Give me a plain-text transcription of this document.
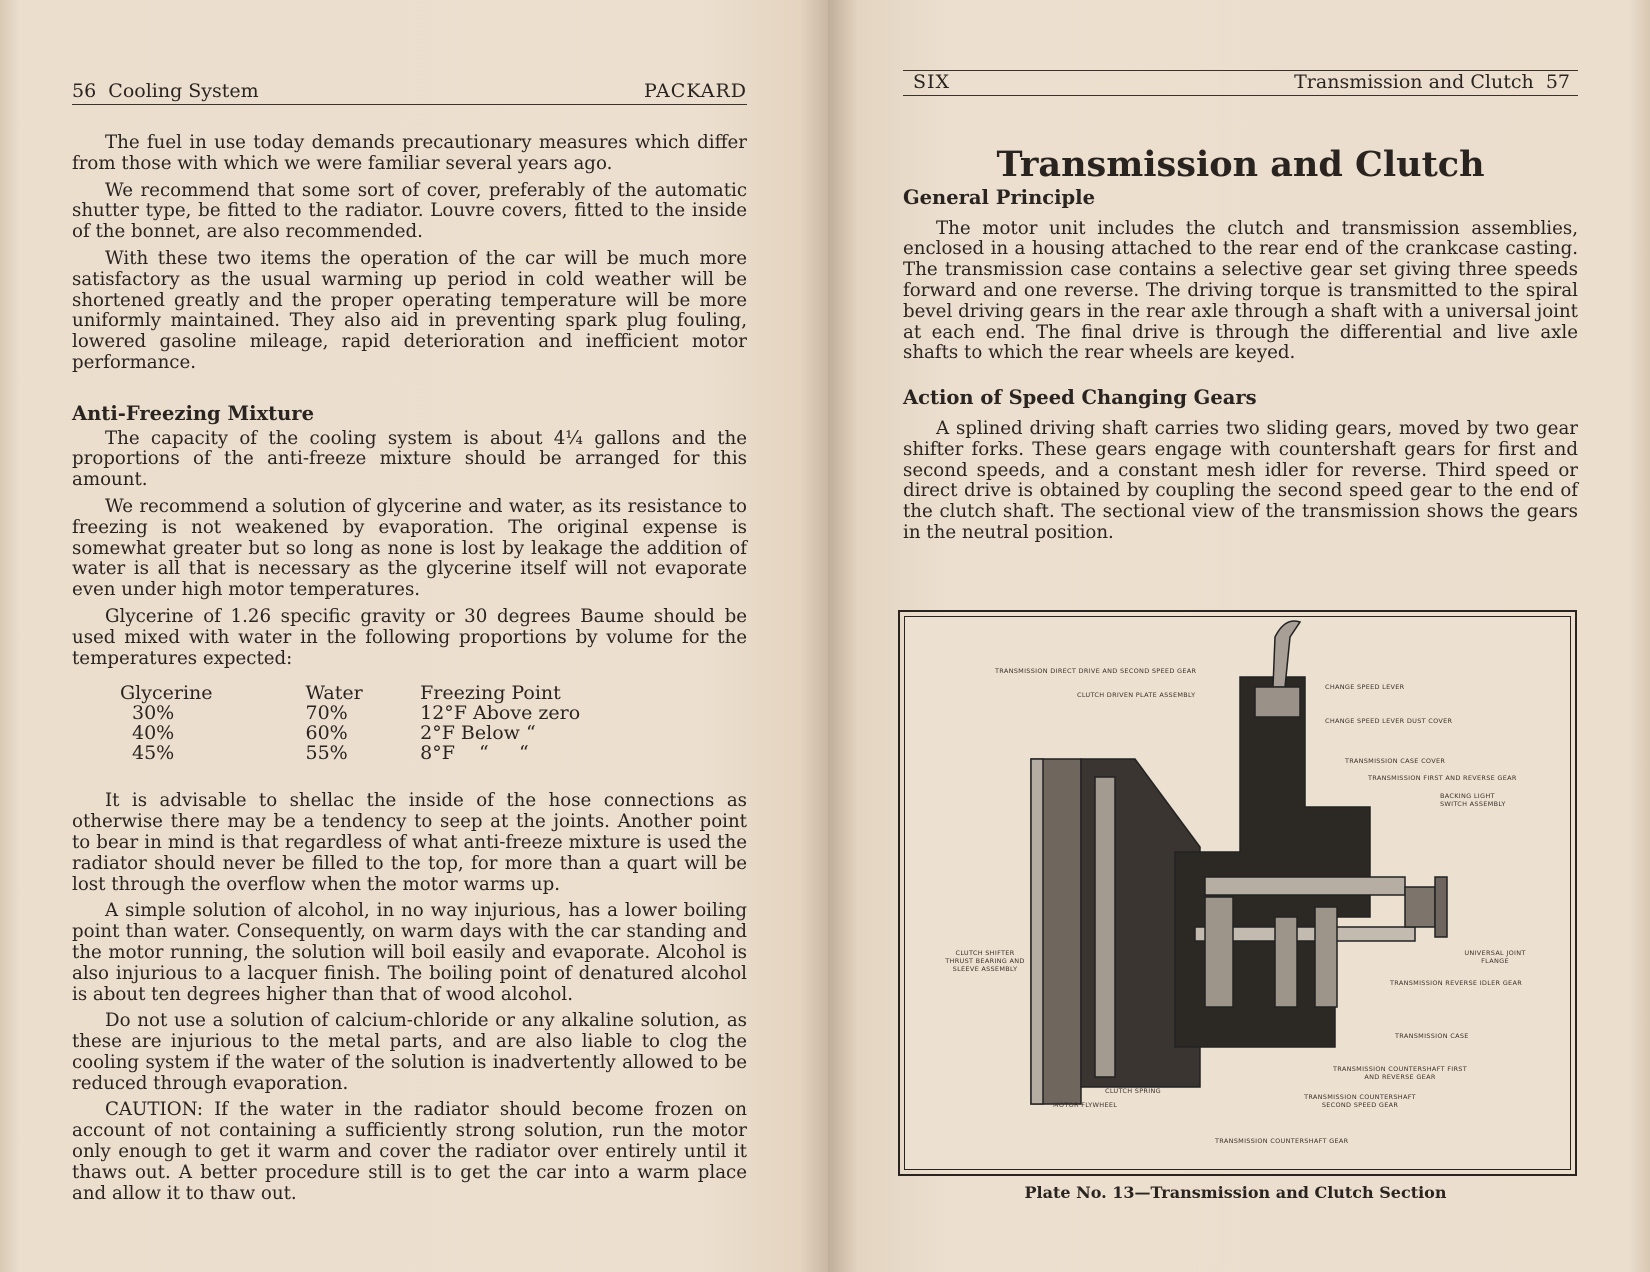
56 Cooling System	PACKARD

The fuel in use today demands precautionary measures which differ from those with which we were familiar several years ago.

We recommend that some sort of cover, preferably of the automatic shutter type, be fitted to the radiator. Louvre covers, fitted to the inside of the bonnet, are also recommended.

With these two items the operation of the car will be much more satisfactory as the usual warming up period in cold weather will be shortened greatly and the proper operating temperature will be more uniformly maintained. They also aid in preventing spark plug fouling, lowered gasoline mileage, rapid deterioration and inefficient motor performance.

Anti-Freezing Mixture

The capacity of the cooling system is about 4¼ gallons and the proportions of the anti-freeze mixture should be arranged for this amount.

We recommend a solution of glycerine and water, as its resistance to freezing is not weakened by evaporation. The original expense is somewhat greater but so long as none is lost by leakage the addition of water is all that is necessary as the glycerine itself will not evaporate even under high motor temperatures.

Glycerine of 1.26 specific gravity or 30 degrees Baume should be used mixed with water in the following proportions by volume for the temperatures expected:

Glycerine	Water	Freezing Point
30%	70%	12°F Above zero
40%	60%	2°F Below “
45%	55%	8°F    “     “

It is advisable to shellac the inside of the hose connections as otherwise there may be a tendency to seep at the joints. Another point to bear in mind is that regardless of what anti-freeze mixture is used the radiator should never be filled to the top, for more than a quart will be lost through the overflow when the motor warms up.

A simple solution of alcohol, in no way injurious, has a lower boiling point than water. Consequently, on warm days with the car standing and the motor running, the solution will boil easily and evaporate. Alcohol is also injurious to a lacquer finish. The boiling point of denatured alcohol is about ten degrees higher than that of wood alcohol.

Do not use a solution of calcium-chloride or any alkaline solution, as these are injurious to the metal parts, and are also liable to clog the cooling system if the water of the solution is inadvertently allowed to be reduced through evaporation.

CAUTION: If the water in the radiator should become frozen on account of not containing a sufficiently strong solution, run the motor only enough to get it warm and cover the radiator over entirely until it thaws out. A better procedure still is to get the car into a warm place and allow it to thaw out.

SIX	Transmission and Clutch 57
Transmission and Clutch
General Principle

The motor unit includes the clutch and transmission assemblies, enclosed in a housing attached to the rear end of the crankcase casting. The transmission case contains a selective gear set giving three speeds forward and one reverse. The driving torque is transmitted to the spiral bevel driving gears in the rear axle through a shaft with a universal joint at each end. The final drive is through the differential and live axle shafts to which the rear wheels are keyed.

Action of Speed Changing Gears

A splined driving shaft carries two sliding gears, moved by two gear shifter forks. These gears engage with countershaft gears for first and second speeds, and a constant mesh idler for reverse. Third speed or direct drive is obtained by coupling the second speed gear to the end of the clutch shaft. The sectional view of the transmission shows the gears in the neutral position.

TRANSMISSION DIRECT DRIVE AND SECOND SPEED GEAR
CLUTCH DRIVEN PLATE ASSEMBLY
CHANGE SPEED LEVER
CHANGE SPEED LEVER DUST COVER
TRANSMISSION CASE COVER
TRANSMISSION FIRST AND REVERSE GEAR
BACKING LIGHT SWITCH ASSEMBLY
CLUTCH SHIFTER THRUST BEARING AND SLEEVE ASSEMBLY
UNIVERSAL JOINT FLANGE
TRANSMISSION REVERSE IDLER GEAR
TRANSMISSION CASE
TRANSMISSION COUNTERSHAFT FIRST AND REVERSE GEAR
CLUTCH SPRING
MOTOR FLYWHEEL
TRANSMISSION COUNTERSHAFT SECOND SPEED GEAR
TRANSMISSION COUNTERSHAFT GEAR
Plate No. 13—Transmission and Clutch Section
